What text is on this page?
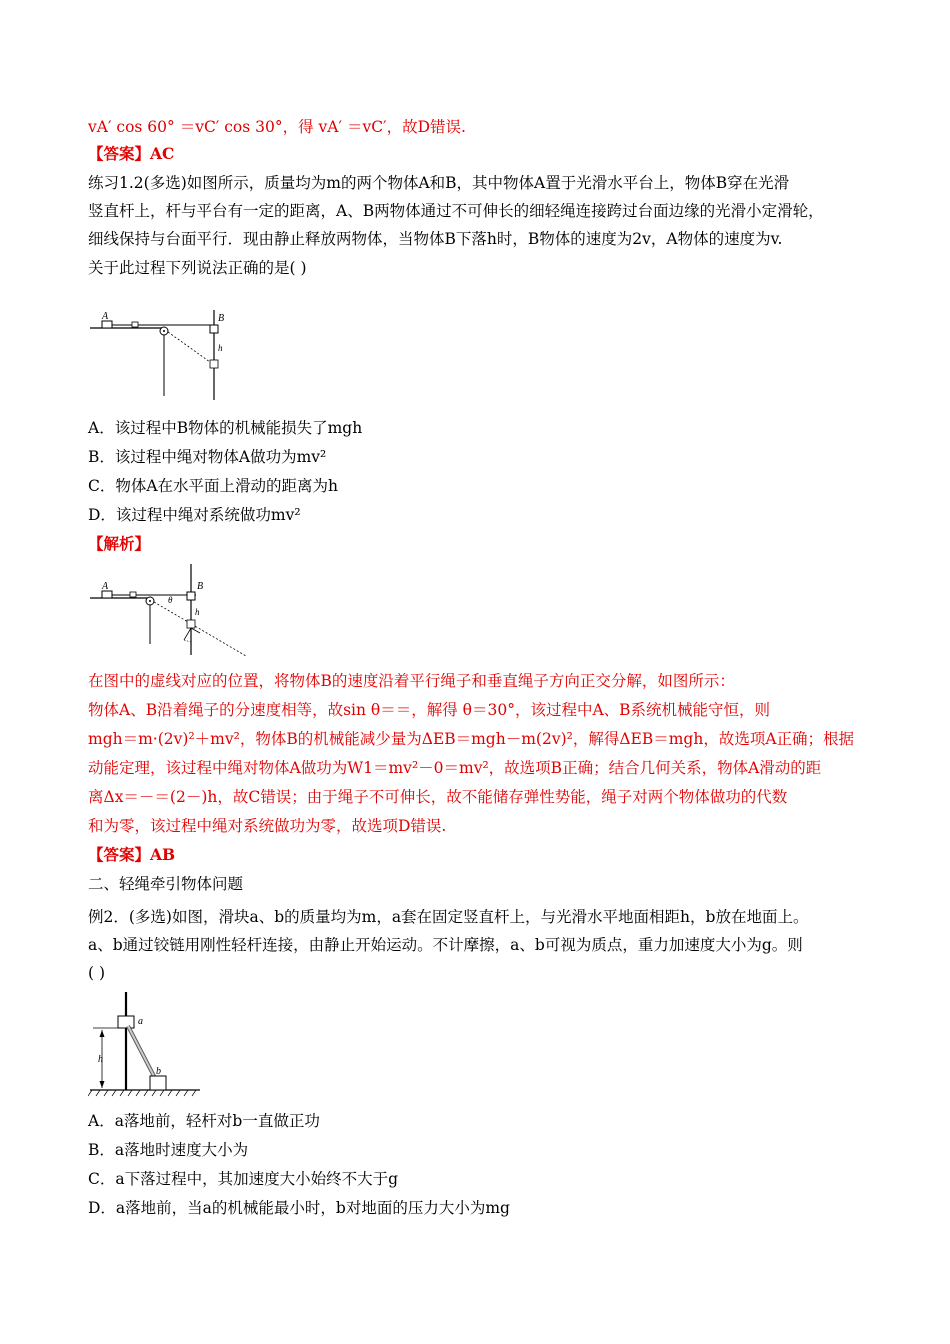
vA′ cos 60° ＝vC′ cos 30°，得 vA′ ＝vC′，故D错误.
【答案】AC
练习1.2(多选)如图所示，质量均为m的两个物体A和B，其中物体A置于光滑水平台上，物体B穿在光滑
竖直杆上，杆与平台有一定的距离，A、B两物体通过不可伸长的细轻绳连接跨过台面边缘的光滑小定滑轮，
细线保持与台面平行．现由静止释放两物体，当物体B下落h时，B物体的速度为2v，A物体的速度为v.
关于此过程下列说法正确的是( )
A	B
h
A．该过程中B物体的机械能损失了mgh
B．该过程中绳对物体A做功为mv²
C．物体A在水平面上滑动的距离为h
D．该过程中绳对系统做功mv²
【解析】
A	B
θ
h
在图中的虚线对应的位置，将物体B的速度沿着平行绳子和垂直绳子方向正交分解，如图所示：
物体A、B沿着绳子的分速度相等，故sin θ＝＝，解得 θ＝30°，该过程中A、B系统机械能守恒，则
mgh＝m·(2v)²＋mv²，物体B的机械能减少量为ΔEB＝mgh－m(2v)²，解得ΔEB＝mgh，故选项A正确；根据
动能定理，该过程中绳对物体A做功为W1＝mv²－0＝mv²，故选项B正确；结合几何关系，物体A滑动的距
离Δx＝－＝(2－)h，故C错误；由于绳子不可伸长，故不能储存弹性势能，绳子对两个物体做功的代数
和为零，该过程中绳对系统做功为零，故选项D错误.
【答案】AB
二、轻绳牵引物体问题
例2．(多选)如图，滑块a、b的质量均为m，a套在固定竖直杆上，与光滑水平地面相距h，b放在地面上。
a、b通过铰链用刚性轻杆连接，由静止开始运动。不计摩擦，a、b可视为质点，重力加速度大小为g。则
( )
a
b
h
A．a落地前，轻杆对b一直做正功
B．a落地时速度大小为
C．a下落过程中，其加速度大小始终不大于g
D．a落地前，当a的机械能最小时，b对地面的压力大小为mg
